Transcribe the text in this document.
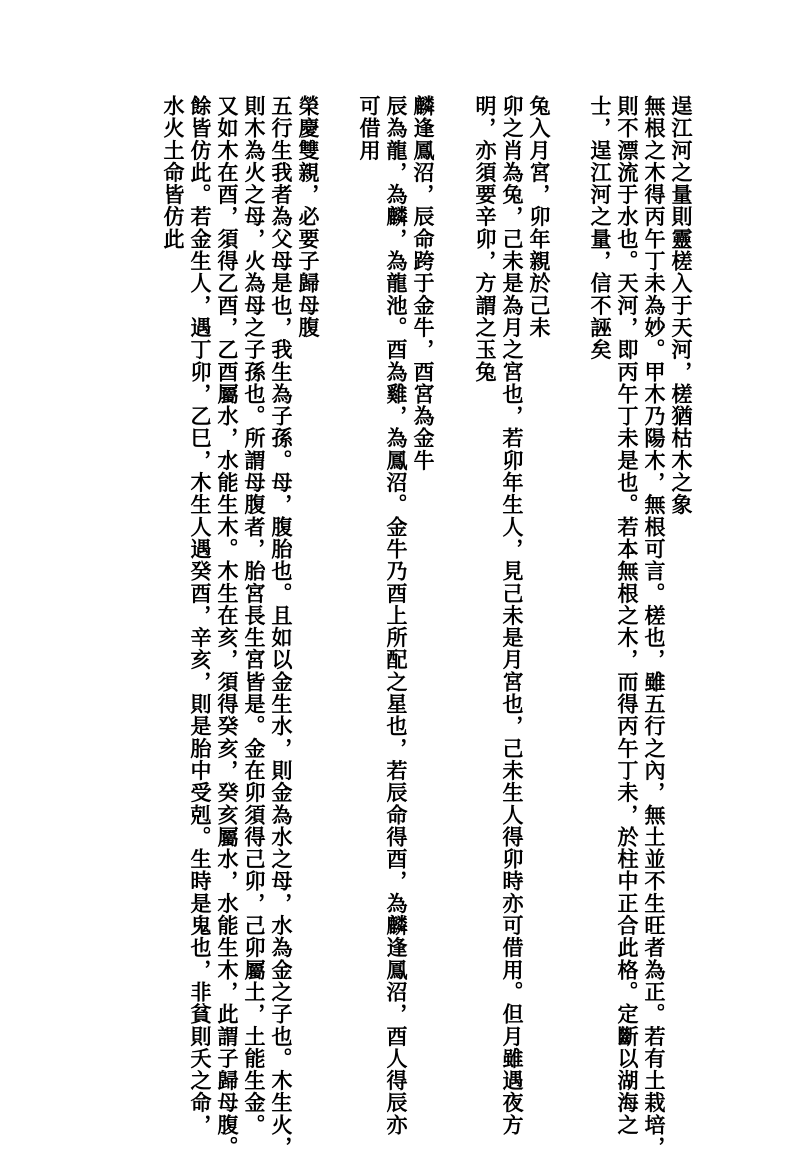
逞江河之量則靈槎入于天河，槎猶枯木之象
無根之木得丙午丁未為妙。甲木乃陽木，無根可言。槎也，雖五行之內，無土並不生旺者為正。若有土栽培，
則不漂流于水也。天河，即丙午丁未是也。若本無根之木，而得丙午丁未，於柱中正合此格。定斷以湖海之
士，逞江河之量，信不誣矣
兔入月宮，卯年親於己未
卯之肖為兔，己未是為月之宮也，若卯年生人，見己未是月宮也，己未生人得卯時亦可借用。但月雖遇夜方
明，亦須要辛卯，方謂之玉兔
麟逢鳳沼，辰命跨于金牛，酉宮為金牛
辰為龍，為麟，為龍池。酉為雞，為鳳沼。金牛乃酉上所配之星也，若辰命得酉，為麟逢鳳沼，酉人得辰亦
可借用
榮慶雙親，必要子歸母腹
五行生我者為父母是也，我生為子孫。母，腹胎也。且如以金生水，則金為水之母，水為金之子也。木生火，
則木為火之母，火為母之子孫也。所謂母腹者，胎宮長生宮皆是。金在卯須得己卯，己卯屬土，土能生金。
又如木在酉，須得乙酉，乙酉屬水，水能生木。木生在亥，須得癸亥，癸亥屬水，水能生木，此謂子歸母腹。
餘皆仿此。若金生人，遇丁卯，乙巳，木生人遇癸酉，辛亥，則是胎中受剋。生時是鬼也，非貧則夭之命，
水火土命皆仿此
